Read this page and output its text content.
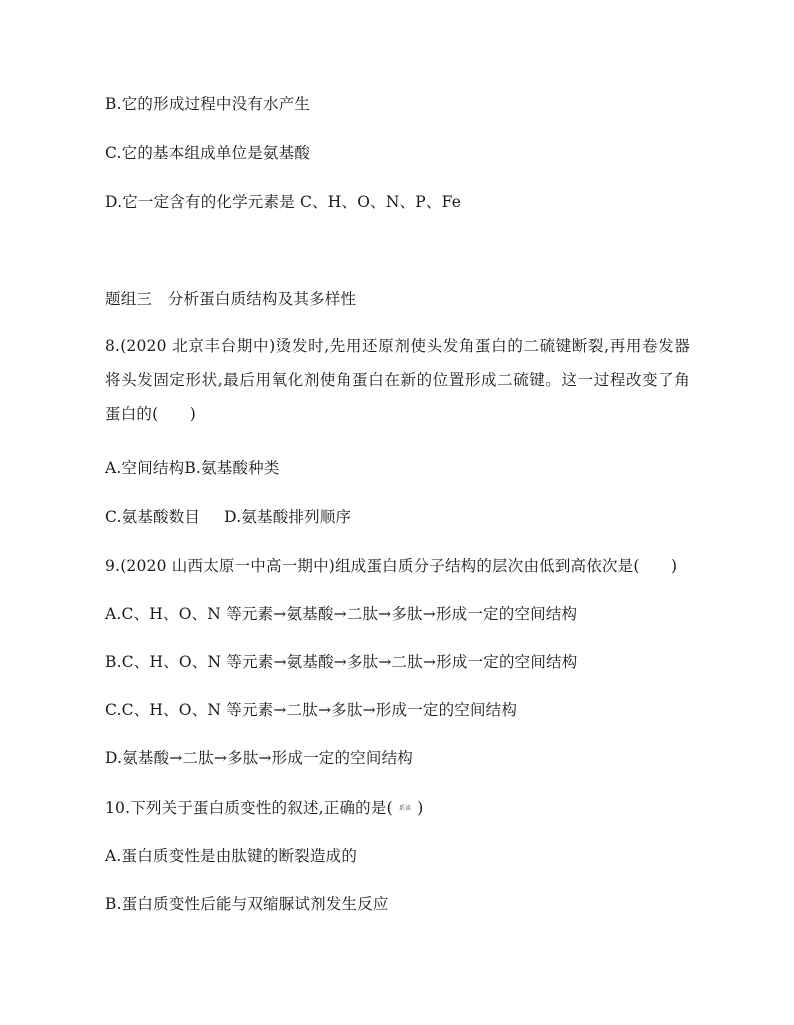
B.它的形成过程中没有水产生
C.它的基本组成单位是氨基酸
D.它一定含有的化学元素是 C、H、O、N、P、Fe
题组三　分析蛋白质结构及其多样性
8.(2020 北京丰台期中)烫发时,先用还原剂使头发角蛋白的二硫键断裂,再用卷发器将头发固定形状,最后用氧化剂使角蛋白在新的位置形成二硫键。这一过程改变了角蛋白的(　　)
A.空间结构B.氨基酸种类
C.氨基酸数目 D.氨基酸排列顺序
9.(2020 山西太原一中高一期中)组成蛋白质分子结构的层次由低到高依次是(　　)
A.C、H、O、N 等元素→氨基酸→二肽→多肽→形成一定的空间结构
B.C、H、O、N 等元素→氨基酸→多肽→二肽→形成一定的空间结构
C.C、H、O、N 等元素→二肽→多肽→形成一定的空间结构
D.氨基酸→二肽→多肽→形成一定的空间结构
10.下列关于蛋白质变性的叙述,正确的是( 系读 )
A.蛋白质变性是由肽键的断裂造成的
B.蛋白质变性后能与双缩脲试剂发生反应
